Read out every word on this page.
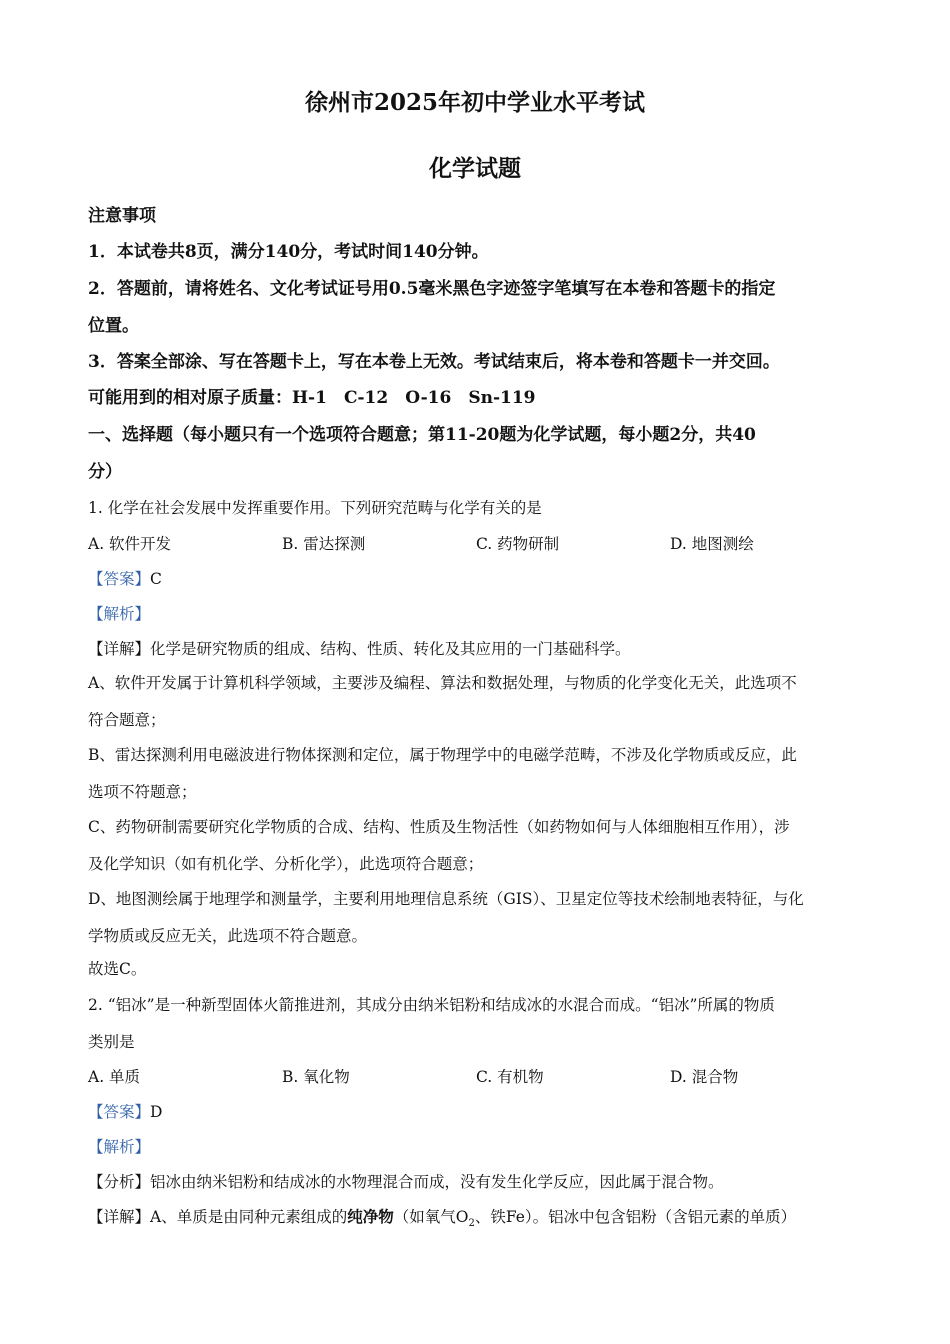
徐州市2025年初中学业水平考试
化学试题
注意事项
1．本试卷共8页，满分140分，考试时间140分钟。
2．答题前，请将姓名、文化考试证号用0.5毫米黑色字迹签字笔填写在本卷和答题卡的指定
位置。
3．答案全部涂、写在答题卡上，写在本卷上无效。考试结束后，将本卷和答题卡一并交回。
可能用到的相对原子质量：H-1　C-12　O-16　Sn-119
一、选择题（每小题只有一个选项符合题意；第11-20题为化学试题，每小题2分，共40
分）
1. 化学在社会发展中发挥重要作用。下列研究范畴与化学有关的是
A. 软件开发	B. 雷达探测	C. 药物研制	D. 地图测绘
【答案】C
【解析】
【详解】化学是研究物质的组成、结构、性质、转化及其应用的一门基础科学。
A、软件开发属于计算机科学领域，主要涉及编程、算法和数据处理，与物质的化学变化无关，此选项不
符合题意；
B、雷达探测利用电磁波进行物体探测和定位，属于物理学中的电磁学范畴，不涉及化学物质或反应，此
选项不符题意；
C、药物研制需要研究化学物质的合成、结构、性质及生物活性（如药物如何与人体细胞相互作用），涉
及化学知识（如有机化学、分析化学），此选项符合题意；
D、地图测绘属于地理学和测量学，主要利用地理信息系统（GIS）、卫星定位等技术绘制地表特征，与化
学物质或反应无关，此选项不符合题意。
故选C。
2. “铝冰”是一种新型固体火箭推进剂，其成分由纳米铝粉和结成冰的水混合而成。“铝冰”所属的物质
类别是
A. 单质	B. 氧化物	C. 有机物	D. 混合物
【答案】D
【解析】
【分析】铝冰由纳米铝粉和结成冰的水物理混合而成，没有发生化学反应，因此属于混合物。
【详解】A、单质是由同种元素组成的纯净物（如氧气$O_2$、铁Fe）。铝冰中包含铝粉（含铝元素的单质）
